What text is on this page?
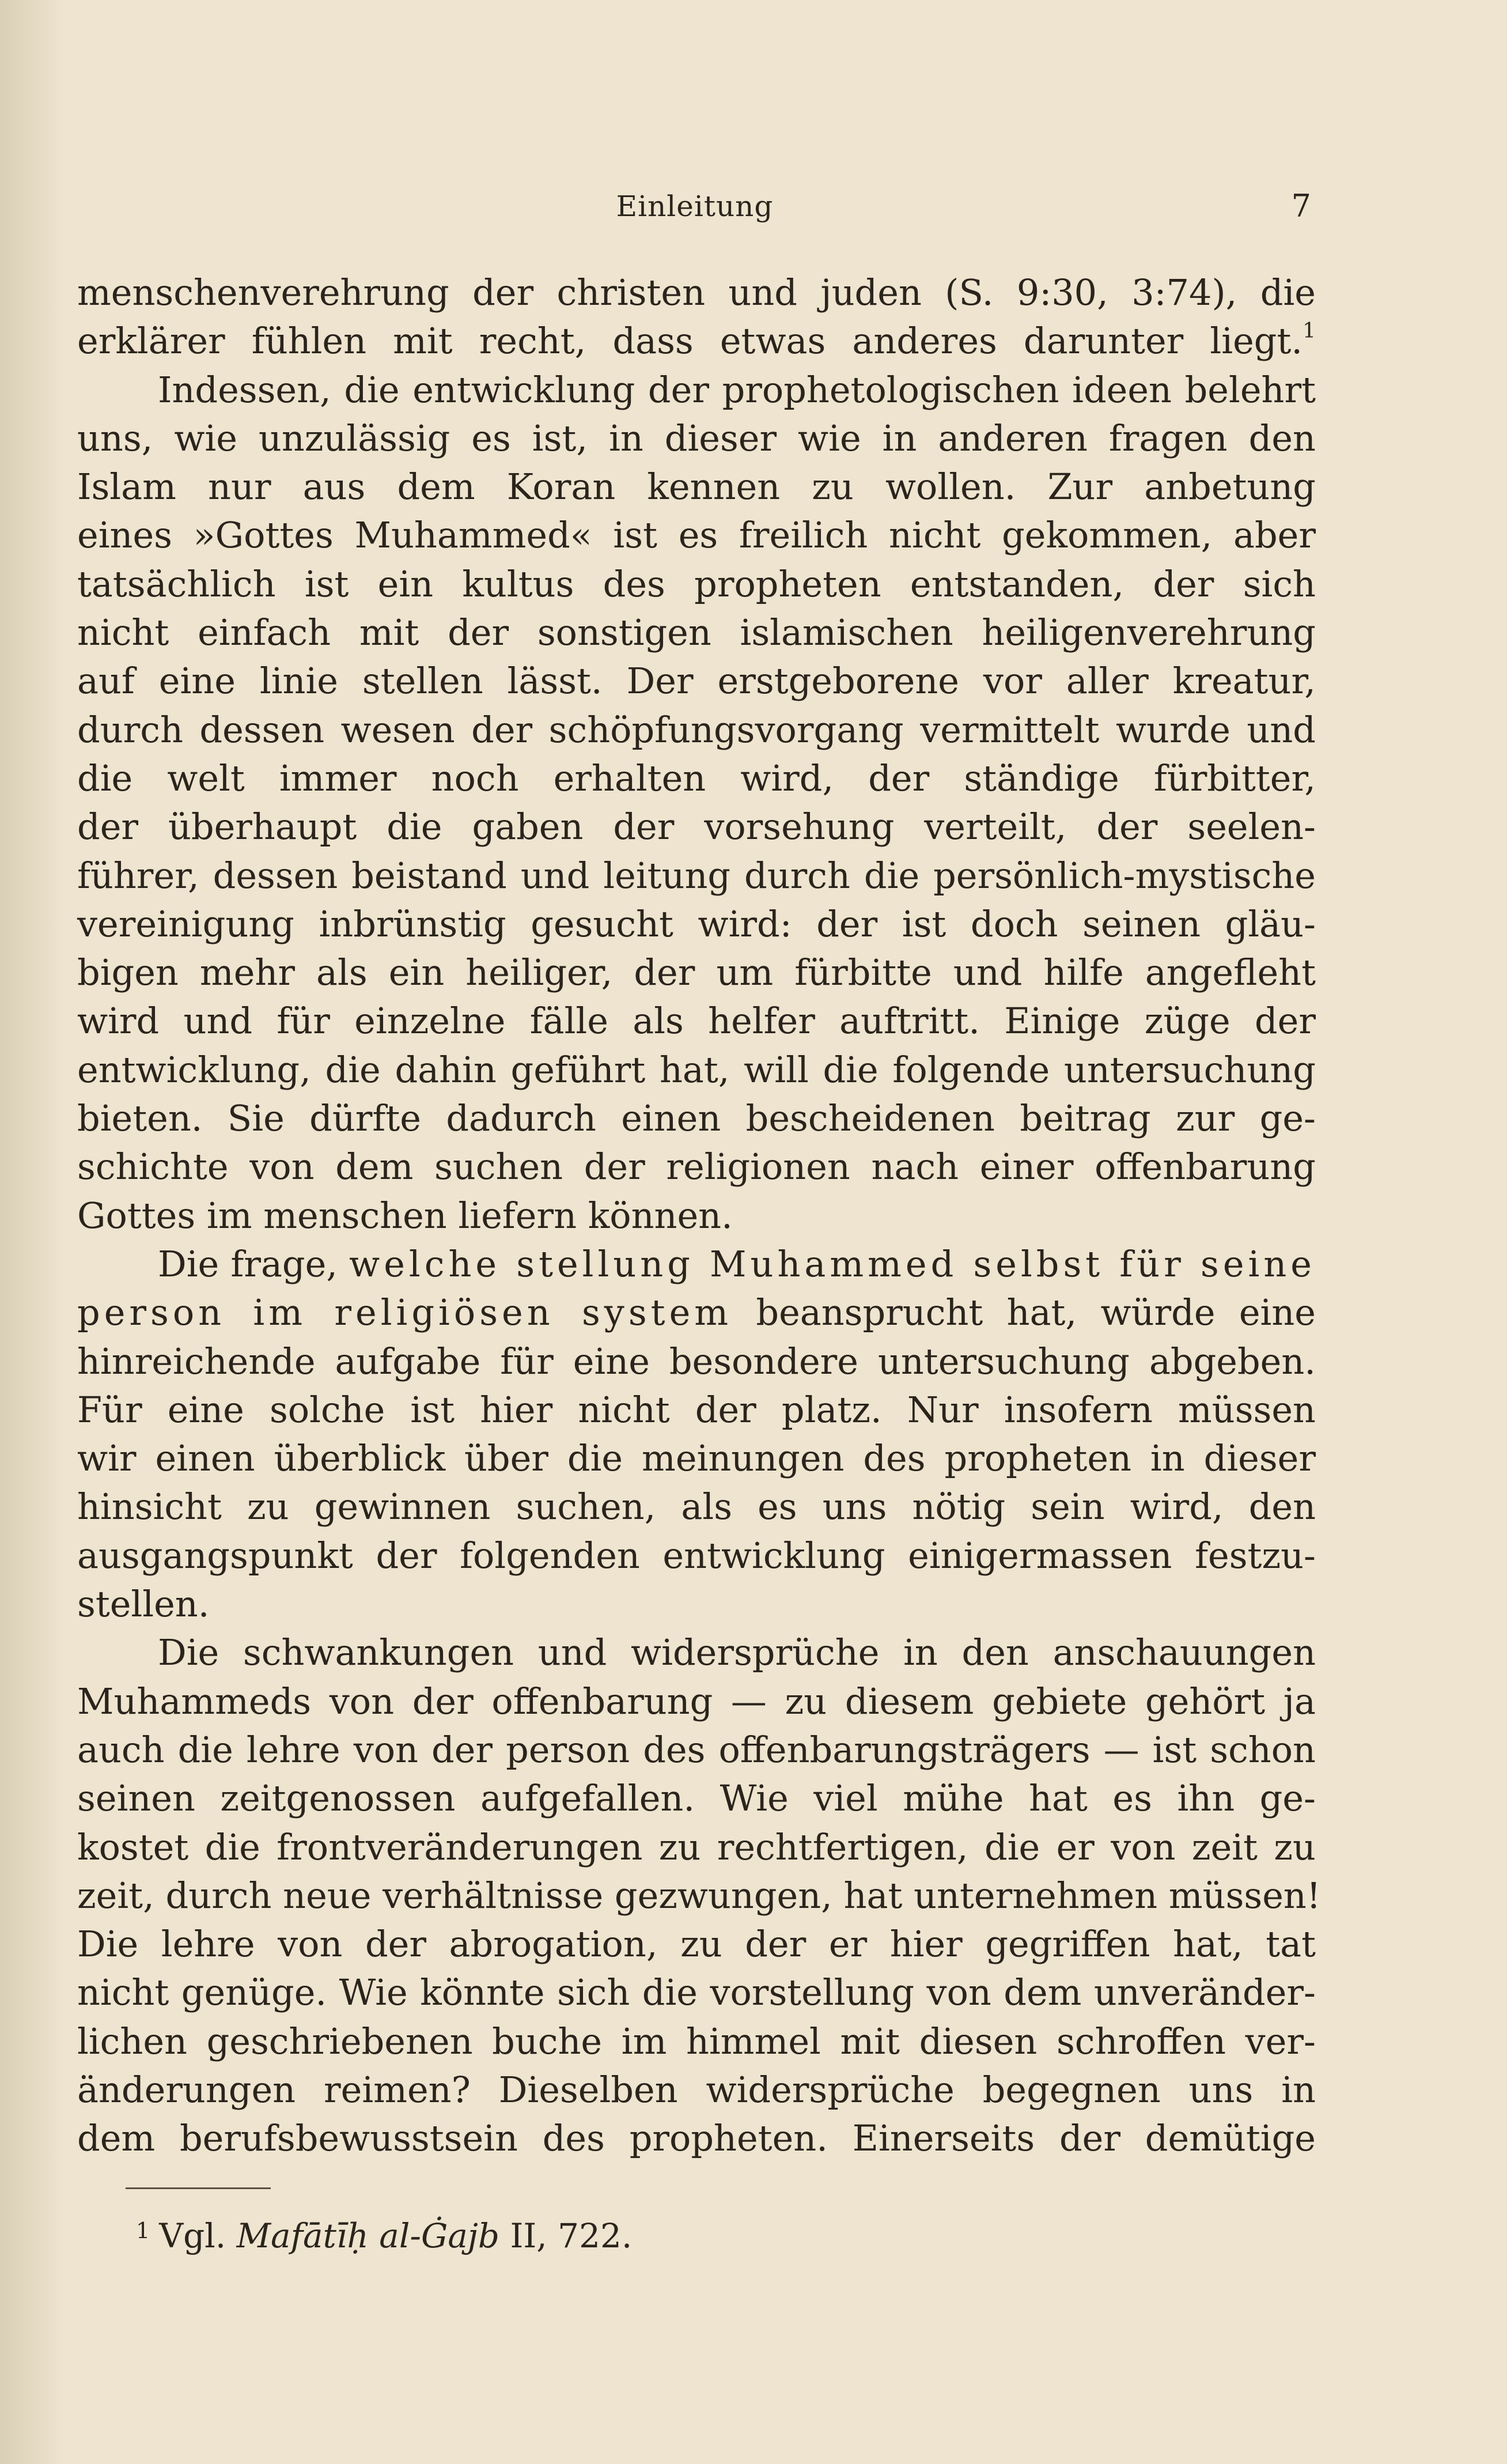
Einleitung	7
menschenverehrung der christen und juden (S. 9:30, 3:74), die
erklärer fühlen mit recht, dass etwas anderes darunter liegt.$^1$
Indessen, die entwicklung der prophetologischen ideen belehrt
uns, wie unzulässig es ist, in dieser wie in anderen fragen den
Islam nur aus dem Koran kennen zu wollen. Zur anbetung
eines »Gottes Muhammed« ist es freilich nicht gekommen, aber
tatsächlich ist ein kultus des propheten entstanden, der sich
nicht einfach mit der sonstigen islamischen heiligenverehrung
auf eine linie stellen lässt. Der erstgeborene vor aller kreatur,
durch dessen wesen der schöpfungsvorgang vermittelt wurde und
die welt immer noch erhalten wird, der ständige fürbitter,
der überhaupt die gaben der vorsehung verteilt, der seelen-
führer, dessen beistand und leitung durch die persönlich-mystische
vereinigung inbrünstig gesucht wird: der ist doch seinen gläu-
bigen mehr als ein heiliger, der um fürbitte und hilfe angefleht
wird und für einzelne fälle als helfer auftritt. Einige züge der
entwicklung, die dahin geführt hat, will die folgende untersuchung
bieten. Sie dürfte dadurch einen bescheidenen beitrag zur ge-
schichte von dem suchen der religionen nach einer offenbarung
Gottes im menschen liefern können.
Die frage, welche stellung Muhammed selbst für seine
person im religiösen system beansprucht hat, würde eine
hinreichende aufgabe für eine besondere untersuchung abgeben.
Für eine solche ist hier nicht der platz. Nur insofern müssen
wir einen überblick über die meinungen des propheten in dieser
hinsicht zu gewinnen suchen, als es uns nötig sein wird, den
ausgangspunkt der folgenden entwicklung einigermassen festzu-
stellen.
Die schwankungen und widersprüche in den anschauungen
Muhammeds von der offenbarung — zu diesem gebiete gehört ja
auch die lehre von der person des offenbarungsträgers — ist schon
seinen zeitgenossen aufgefallen. Wie viel mühe hat es ihn ge-
kostet die frontveränderungen zu rechtfertigen, die er von zeit zu
zeit, durch neue verhältnisse gezwungen, hat unternehmen müssen!
Die lehre von der abrogation, zu der er hier gegriffen hat, tat
nicht genüge. Wie könnte sich die vorstellung von dem unveränder-
lichen geschriebenen buche im himmel mit diesen schroffen ver-
änderungen reimen? Dieselben widersprüche begegnen uns in
dem berufsbewusstsein des propheten. Einerseits der demütige
$^1$ Vgl. Mafātīḥ al-Ġajb II, 722.
